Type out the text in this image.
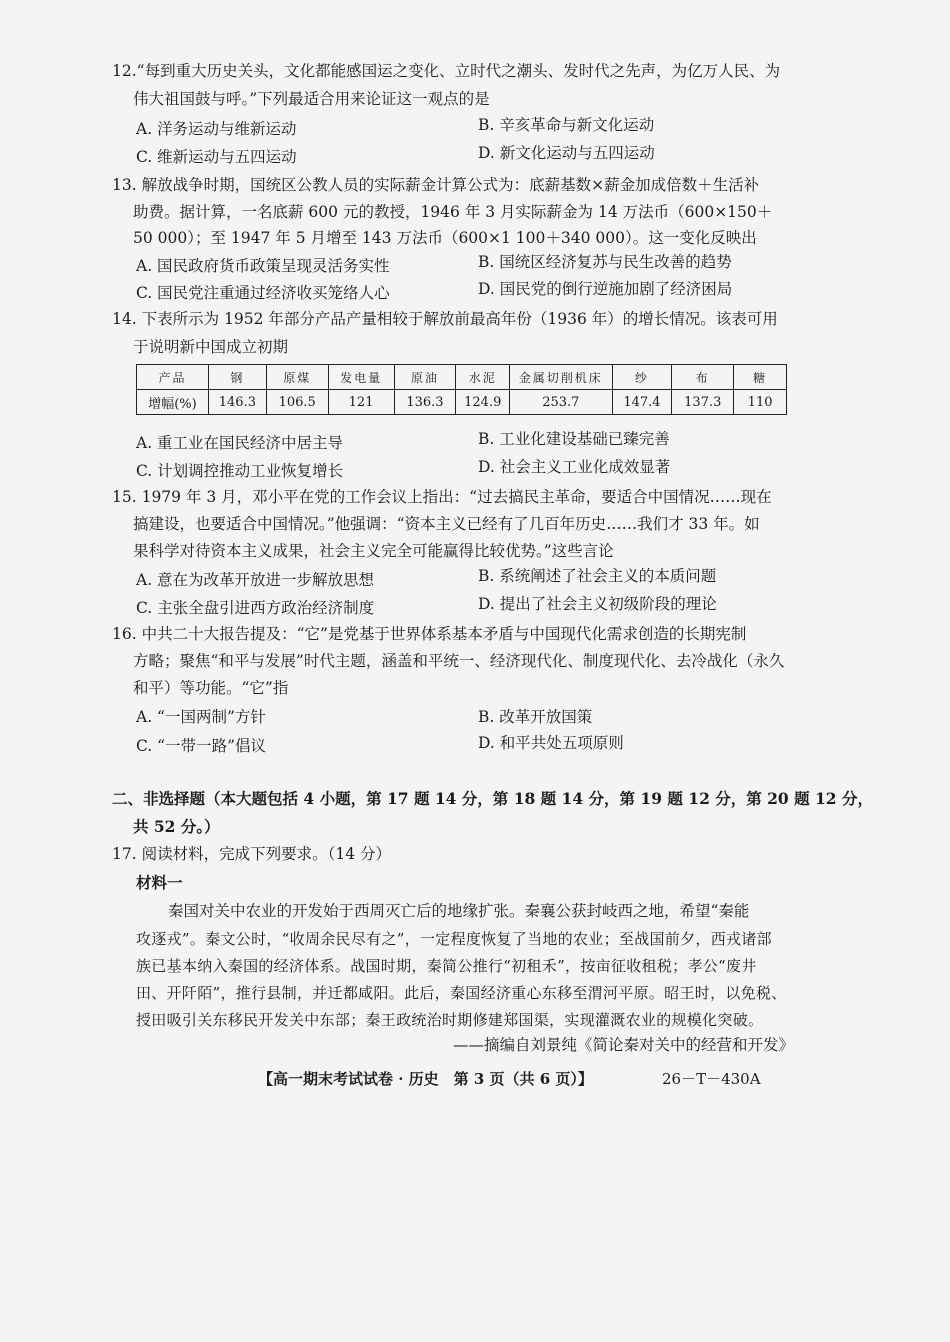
12.“每到重大历史关头，文化都能感国运之变化、立时代之潮头、发时代之先声，为亿万人民、为
伟大祖国鼓与呼。”下列最适合用来论证这一观点的是
A. 洋务运动与维新运动	B. 辛亥革命与新文化运动
C. 维新运动与五四运动	D. 新文化运动与五四运动
13. 解放战争时期，国统区公教人员的实际薪金计算公式为：底薪基数×薪金加成倍数＋生活补
助费。据计算，一名底薪 600 元的教授，1946 年 3 月实际薪金为 14 万法币（600×150＋
50 000）；至 1947 年 5 月增至 143 万法币（600×1 100＋340 000）。这一变化反映出
A. 国民政府货币政策呈现灵活务实性	B. 国统区经济复苏与民生改善的趋势
C. 国民党注重通过经济收买笼络人心	D. 国民党的倒行逆施加剧了经济困局
14. 下表所示为 1952 年部分产品产量相较于解放前最高年份（1936 年）的增长情况。该表可用
于说明新中国成立初期
产品	钢	原煤	发电量	原油	水泥	金属切削机床	纱	布	糖
增幅(%)	146.3	106.5	121	136.3	124.9	253.7	147.4	137.3	110
A. 重工业在国民经济中居主导	B. 工业化建设基础已臻完善
C. 计划调控推动工业恢复增长	D. 社会主义工业化成效显著
15. 1979 年 3 月，邓小平在党的工作会议上指出：“过去搞民主革命，要适合中国情况……现在
搞建设，也要适合中国情况。”他强调：“资本主义已经有了几百年历史……我们才 33 年。如
果科学对待资本主义成果，社会主义完全可能赢得比较优势。”这些言论
A. 意在为改革开放进一步解放思想	B. 系统阐述了社会主义的本质问题
C. 主张全盘引进西方政治经济制度	D. 提出了社会主义初级阶段的理论
16. 中共二十大报告提及：“它”是党基于世界体系基本矛盾与中国现代化需求创造的长期宪制
方略；聚焦“和平与发展”时代主题，涵盖和平统一、经济现代化、制度现代化、去冷战化（永久
和平）等功能。“它”指
A. “一国两制”方针	B. 改革开放国策
C. “一带一路”倡议	D. 和平共处五项原则
二、非选择题（本大题包括 4 小题，第 17 题 14 分，第 18 题 14 分，第 19 题 12 分，第 20 题 12 分，
共 52 分。）
17. 阅读材料，完成下列要求。（14 分）
材料一
秦国对关中农业的开发始于西周灭亡后的地缘扩张。秦襄公获封岐西之地，希望“秦能
攻逐戎”。秦文公时，“收周余民尽有之”，一定程度恢复了当地的农业；至战国前夕，西戎诸部
族已基本纳入秦国的经济体系。战国时期，秦简公推行“初租禾”，按亩征收租税；孝公“废井
田、开阡陌”，推行县制，并迁都咸阳。此后，秦国经济重心东移至渭河平原。昭王时，以免税、
授田吸引关东移民开发关中东部；秦王政统治时期修建郑国渠，实现灌溉农业的规模化突破。
——摘编自刘景纯《简论秦对关中的经营和开发》
【高一期末考试试卷 · 历史　第 3 页（共 6 页）】	26－T－430A
